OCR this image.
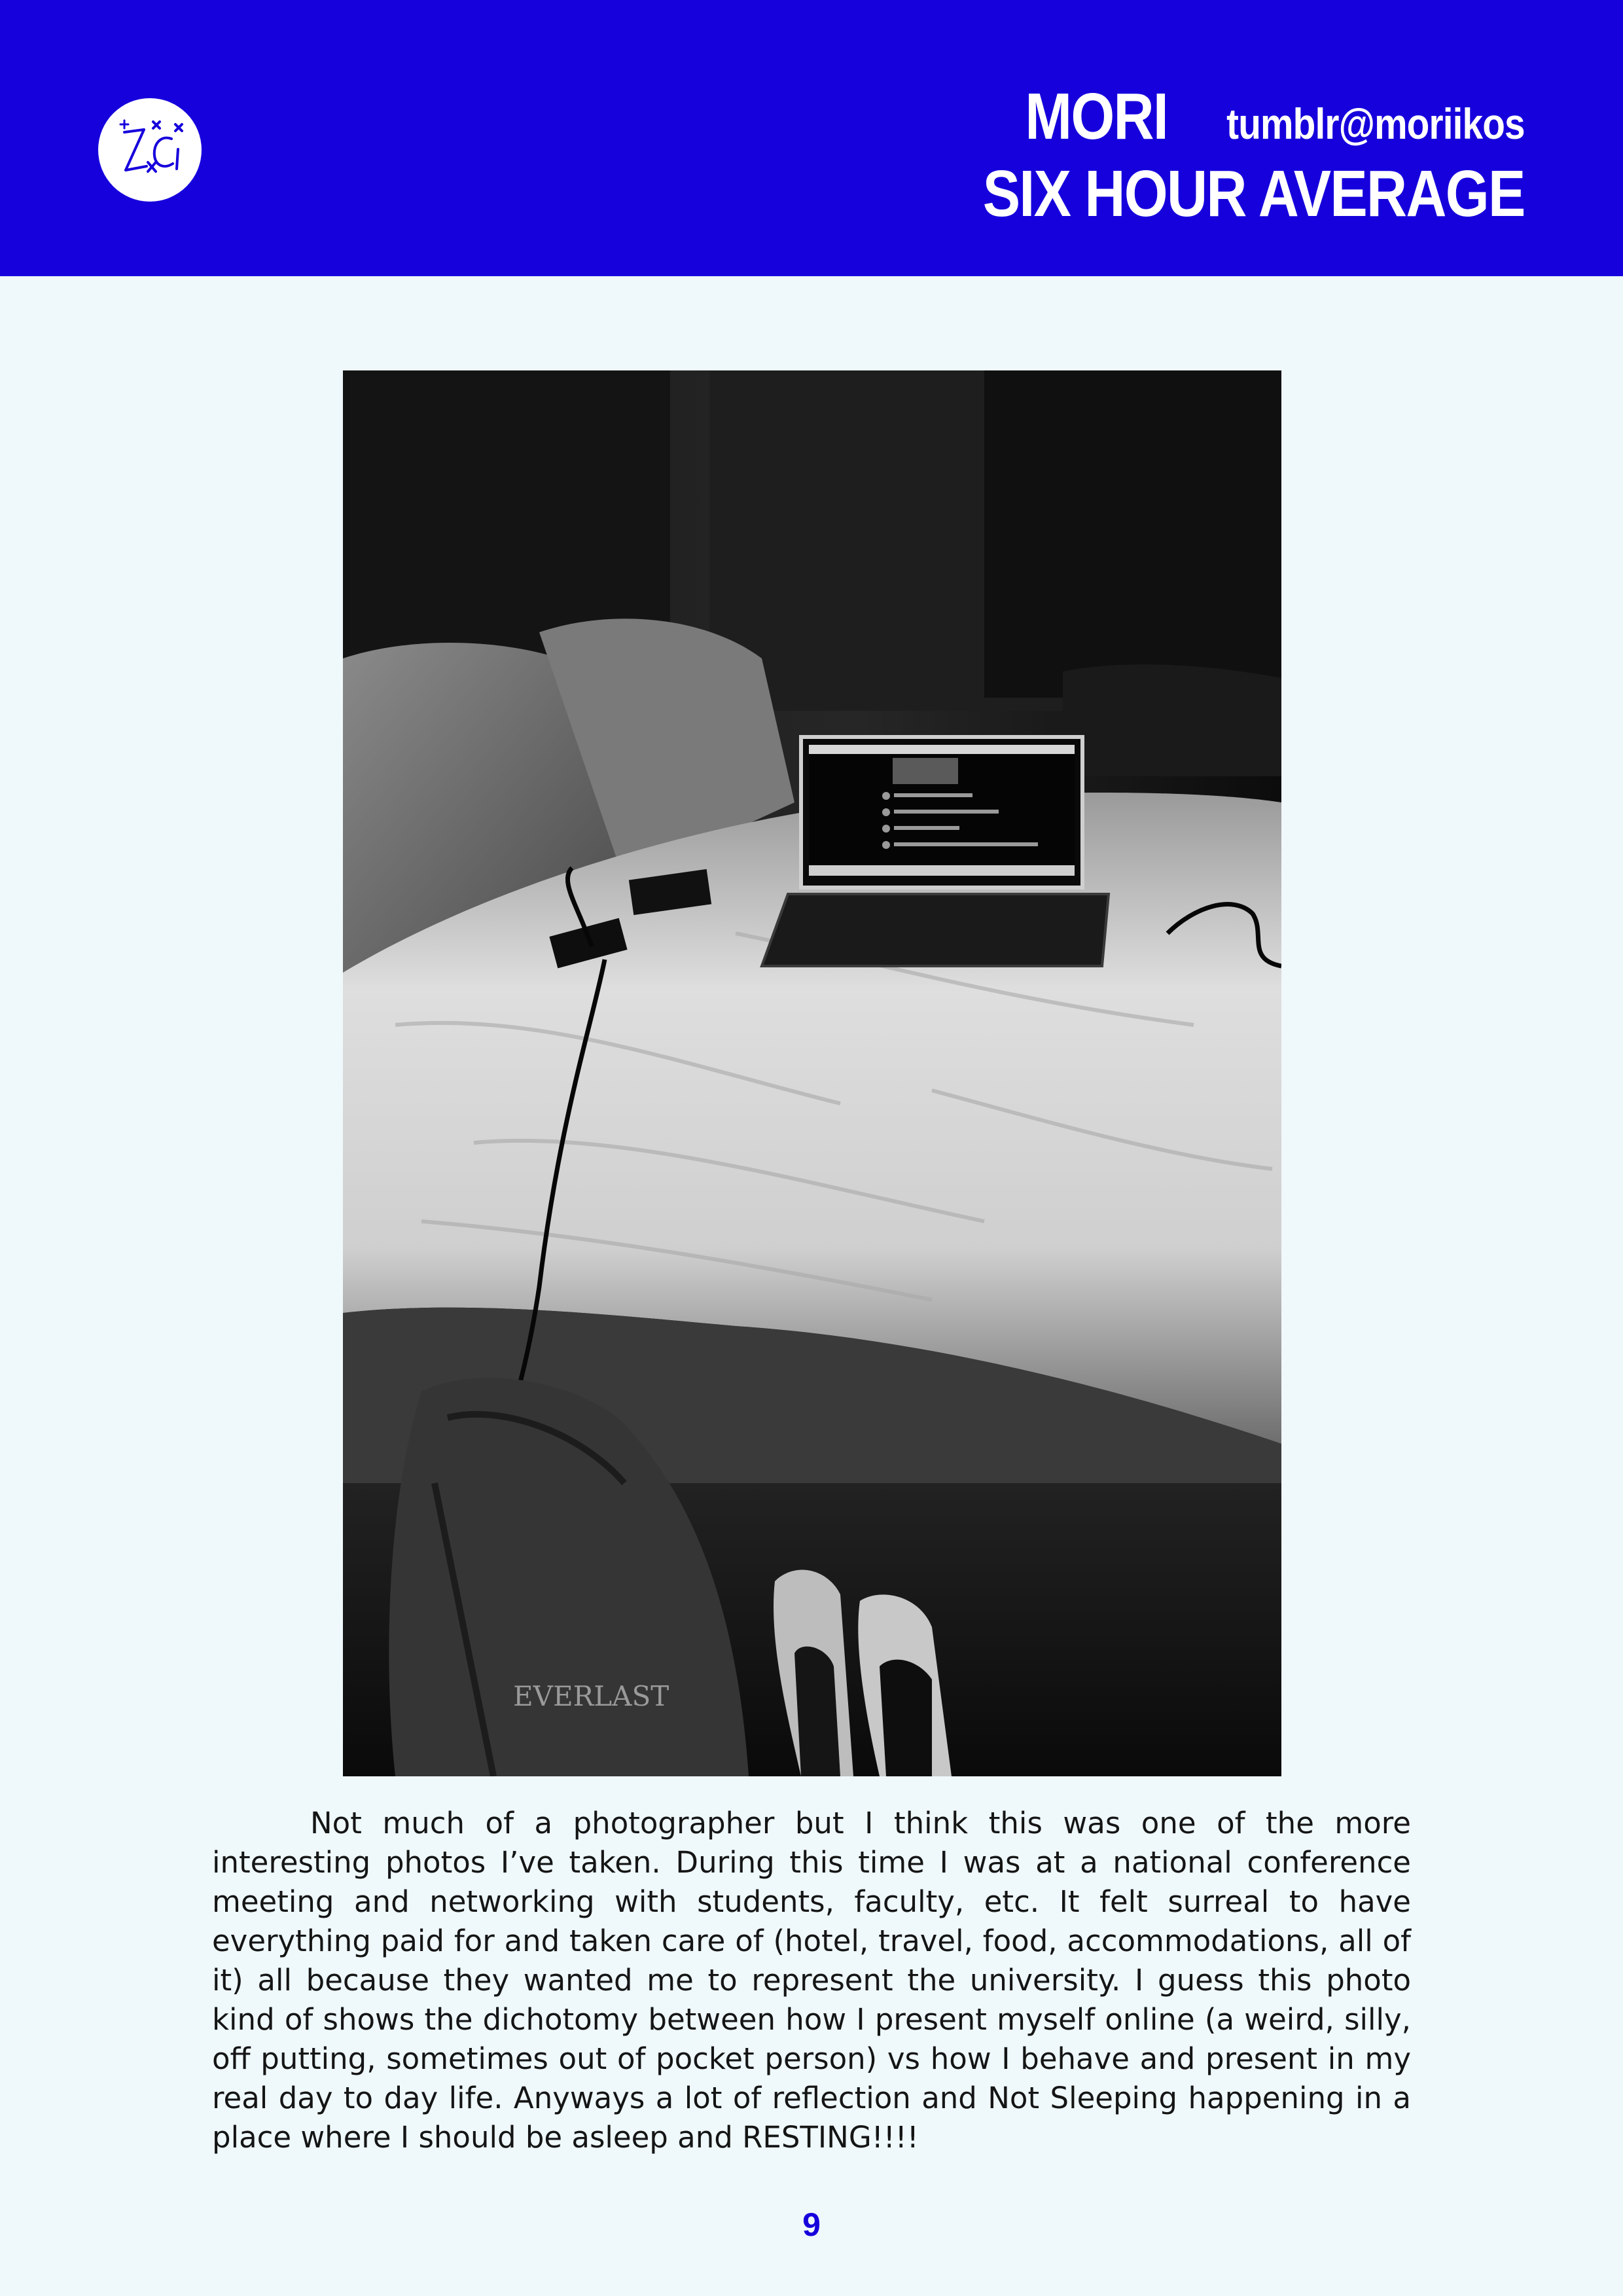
MORI tumblr@moriikos
SIX HOUR AVERAGE
EVERLAST
Not much of a photographer but I think this was one of the more interesting photos I’ve taken. During this time I was at a national conference meeting and networking with students, faculty, etc. It felt surreal to have everything paid for and taken care of (hotel, travel, food, accommodations, all of it) all because they wanted me to represent the university. I guess this photo kind of shows the dichotomy between how I present myself online (a weird, silly, off putting, sometimes out of pocket person) vs how I behave and present in my real day to day life. Anyways a lot of reflection and Not Sleeping happening in a place where I should be asleep and RESTING!!!!
9
